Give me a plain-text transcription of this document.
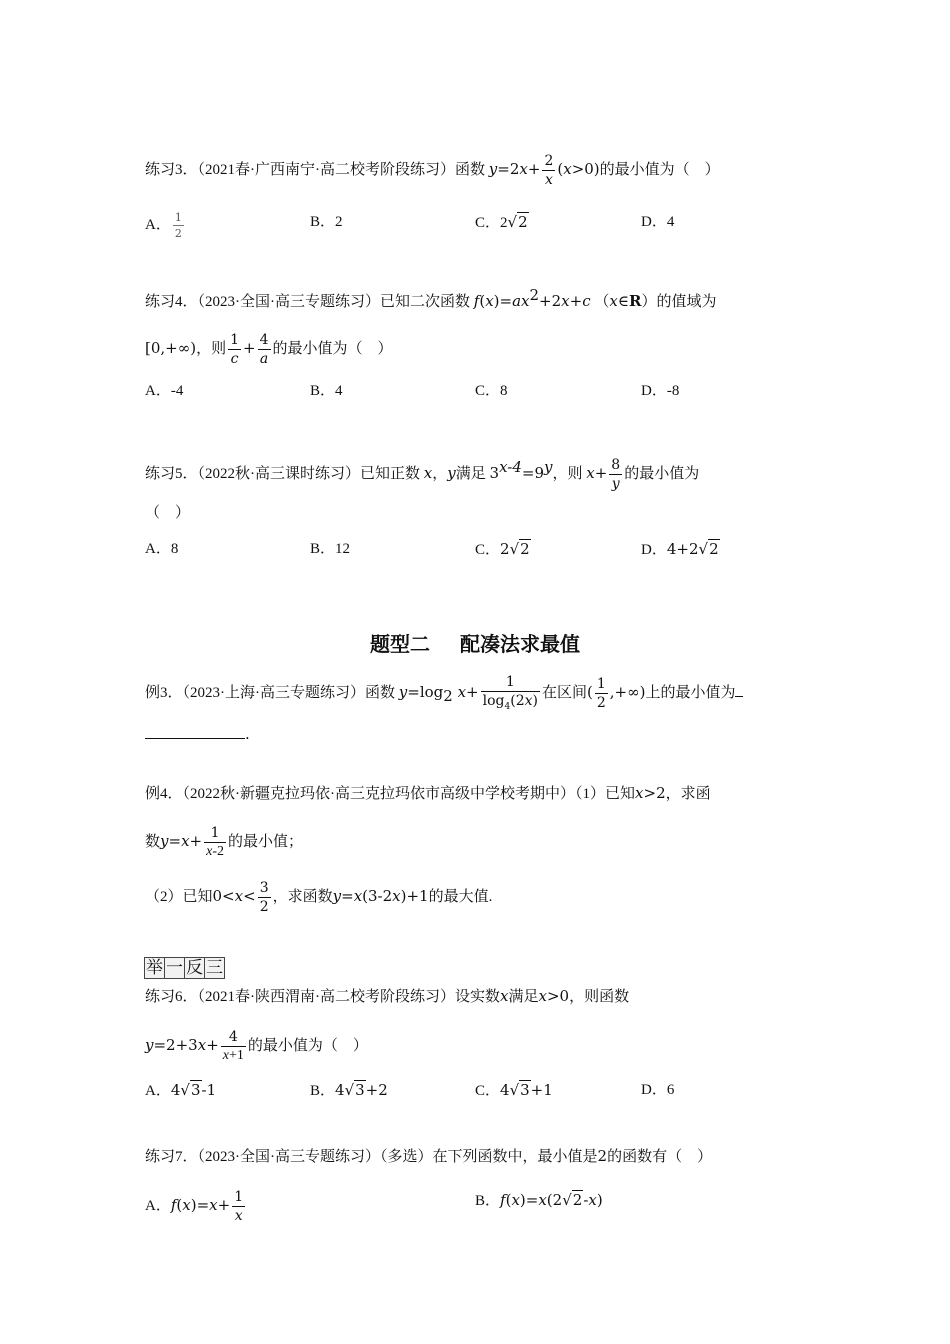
练习3．（2021春·广西南宁·高二校考阶段练习）函数 $y=2x+ \frac{2}{x} (x>0)$的最小值为（　）
A． $\frac{1}{2}$	B．2	C．2√2	D．4
练习4．（2023·全国·高三专题练习）已知二次函数 $f(x)=ax^2+2x+c$ （x∈R）的值域为
[0,+∞)，则 $\frac{1}{c} + \frac{4}{a}$ 的最小值为（　）
A．-4	B．4	C．8	D．-8
练习5．（2022秋·高三课时练习）已知正数 x，y满足 $3^{x-4}=9^y$，则 $x+ \frac{8}{y}$ 的最小值为
（　）
A．8	B．12	C．2√2	D．4+2√2
题型二 配凑法求最值
例3．（2023·上海·高三专题练习）函数 $y=\log_2$ $x+ \frac{1}{\log_4(2x)}$ 在区间( $\frac{1}{2}$ ,+∞)上的最小值为
.
例4．（2022秋·新疆克拉玛依·高三克拉玛依市高级中学校考期中）（1）已知x>2，求函
数$y=x+ \frac{1}{x-2}$ 的最小值；
（2）已知$0<x< \frac{3}{2}$ ，求函数y=x(3-2x)+1的最大值.
举 一 反 三
练习6．（2021春·陕西渭南·高二校考阶段练习）设实数x满足x>0，则函数
$y=2+3x+ \frac{4}{x+1}$ 的最小值为（　）
A．4√3-1	B．4√3+2	C．4√3+1	D．6
练习7．（2023·全国·高三专题练习）（多选）在下列函数中，最小值是2的函数有（　）
A．$f(x)=x+ \frac{1}{x}$	B．f(x)=x(2√2-x)
